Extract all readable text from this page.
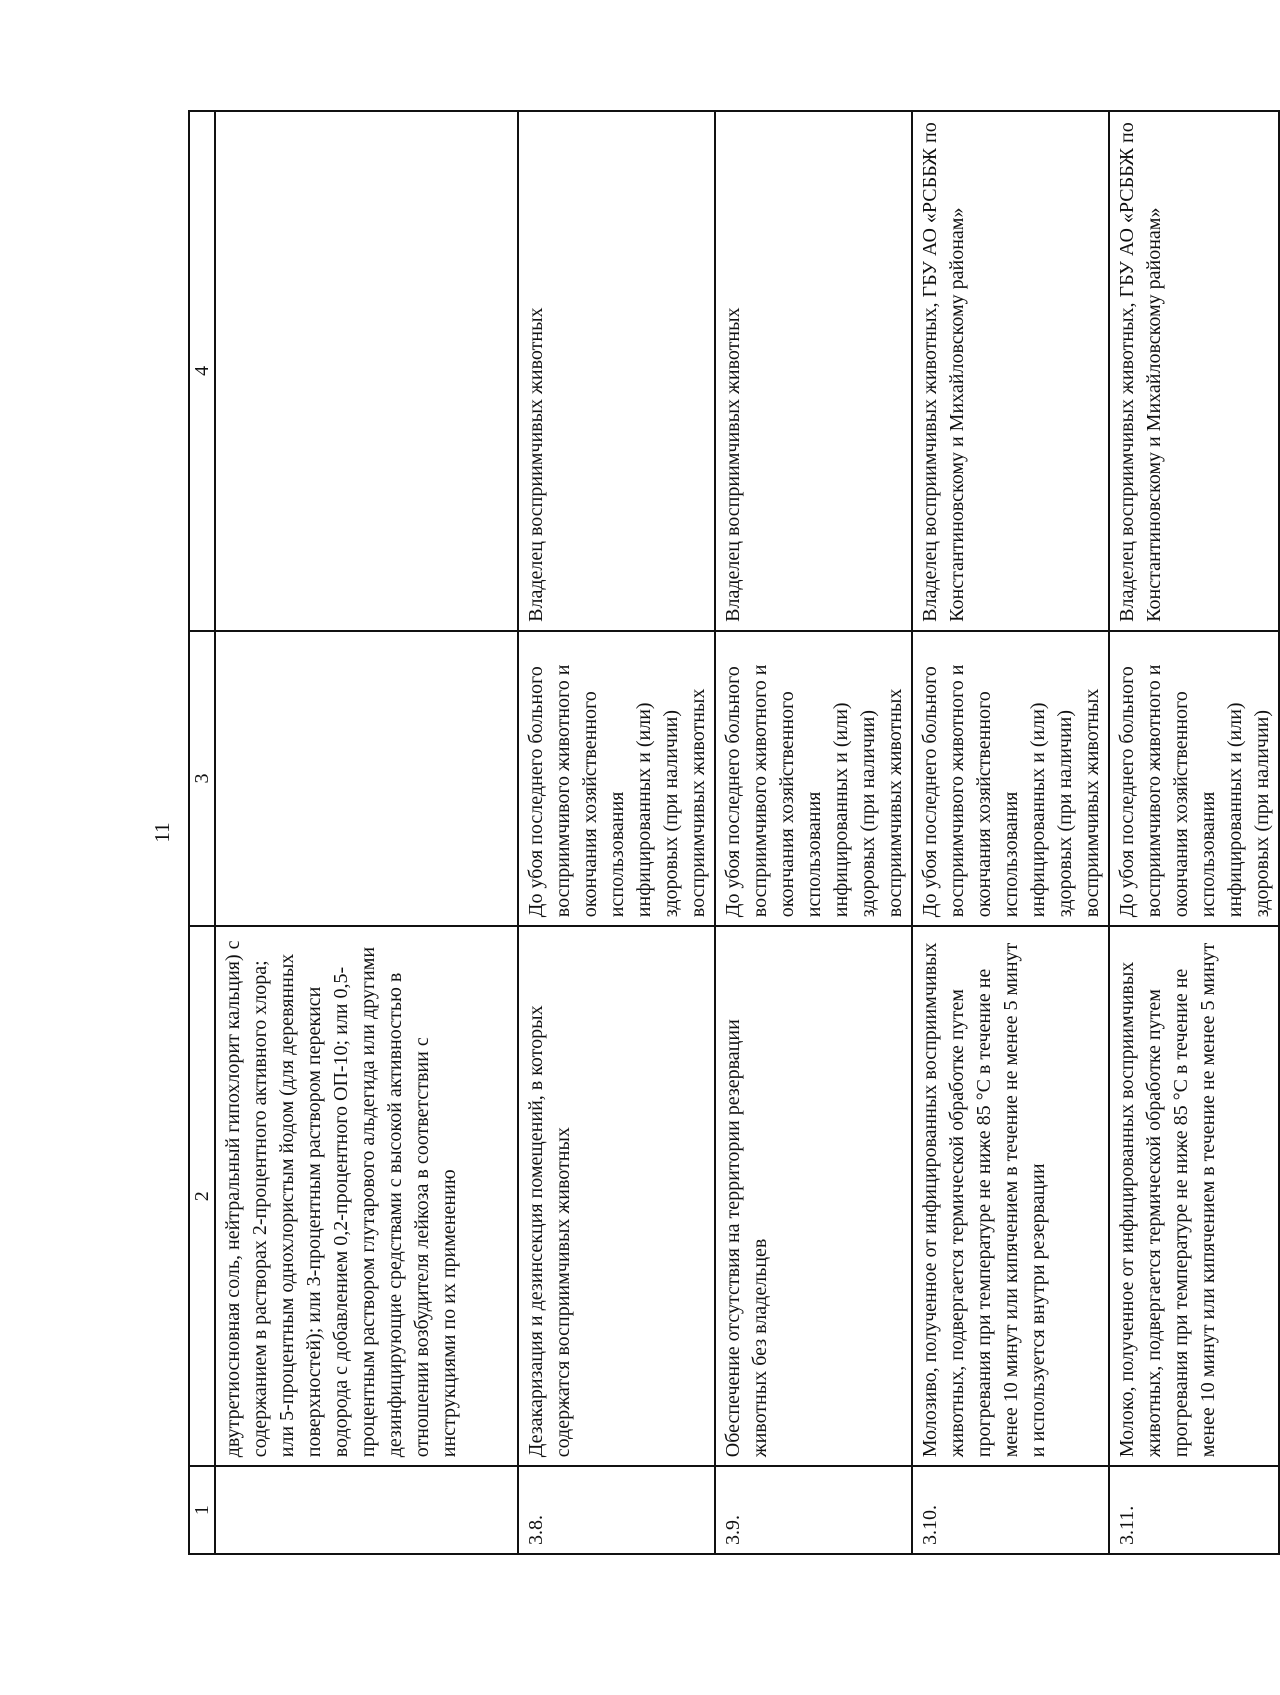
11
1	2	3	4
	двутретиосновная соль, нейтральный гипохлорит кальция) с содержанием в растворах 2-процентного активного хлора; или 5-процентным однохлористым йодом (для деревянных поверхностей); или 3-процентным раствором перекиси водорода с добавлением 0,2-процентного ОП-10; или 0,5-процентным раствором глутарового альдегида или другими дезинфицирующие средствами с высокой активностью в отношении возбудителя лейкоза в соответствии с инструкциями по их применению		
3.8.	Дезакаризация и дезинсекция помещений, в которых содержатся восприимчивых животных	До убоя последнего больного восприимчивого животного и окончания хозяйственного использования инфицированных и (или) здоровых (при наличии) восприимчивых животных	Владелец восприимчивых животных
3.9.	Обеспечение отсутствия на территории резервации животных без владельцев	До убоя последнего больного восприимчивого животного и окончания хозяйственного использования инфицированных и (или) здоровых (при наличии) восприимчивых животных	Владелец восприимчивых животных
3.10.	Молозиво, полученное от инфицированных восприимчивых животных, подвергается термической обработке путем прогревания при температуре не ниже 85 °С в течение не менее 10 минут или кипячением в течение не менее 5 минут и используется внутри резервации	До убоя последнего больного восприимчивого животного и окончания хозяйственного использования инфицированных и (или) здоровых (при наличии) восприимчивых животных	Владелец восприимчивых животных, ГБУ АО «РСББЖ по Константиновскому и Михайловскому районам»
3.11.	Молоко, полученное от инфицированных восприимчивых животных, подвергается термической обработке путем прогревания при температуре не ниже 85 °С в течение не менее 10 минут или кипячением в течение не менее 5 минут	До убоя последнего больного восприимчивого животного и окончания хозяйственного использования инфицированных и (или) здоровых (при наличии)	Владелец восприимчивых животных, ГБУ АО «РСББЖ по Константиновскому и Михайловскому районам»
